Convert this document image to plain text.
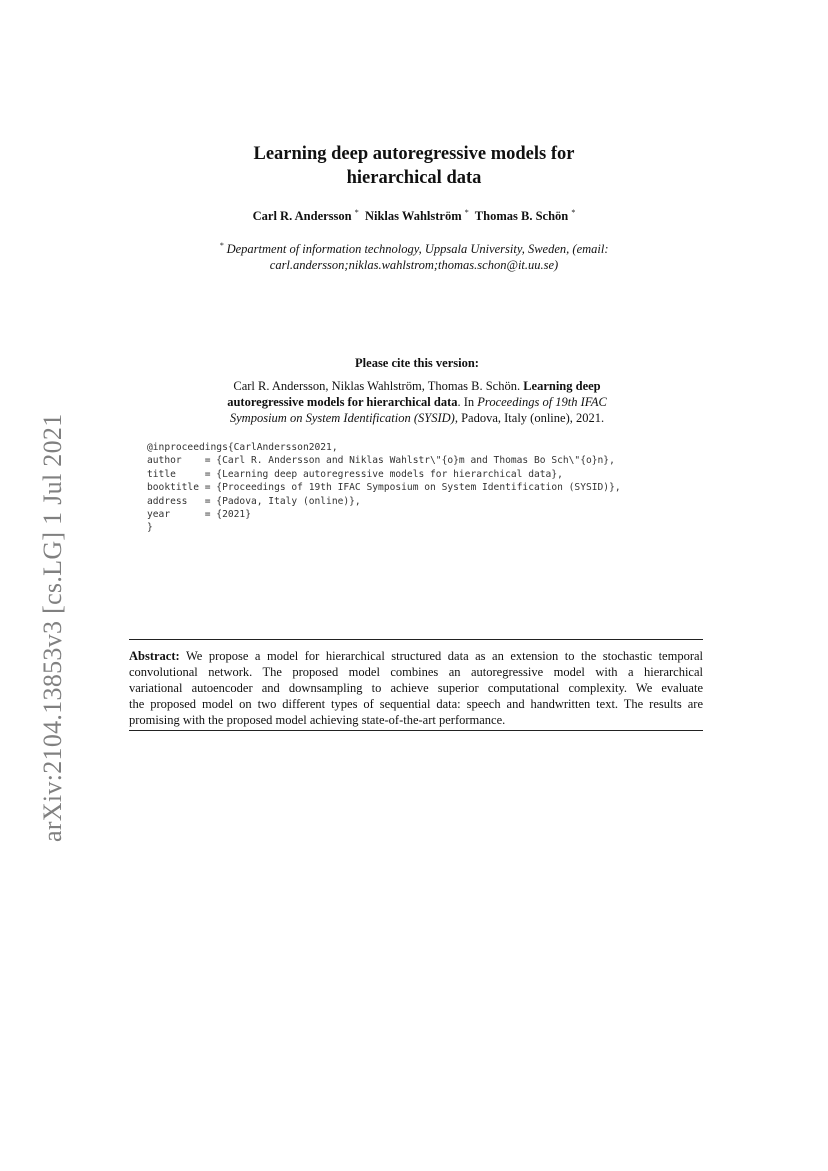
arXiv:2104.13853v3 [cs.LG] 1 Jul 2021
Learning deep autoregressive models for
hierarchical data
Carl R. Andersson * Niklas Wahlström * Thomas B. Schön *
* Department of information technology, Uppsala University, Sweden, (email:
carl.andersson;niklas.wahlstrom;thomas.schon@it.uu.se)
Please cite this version:
Carl R. Andersson, Niklas Wahlström, Thomas B. Schön. Learning deep
autoregressive models for hierarchical data. In Proceedings of 19th IFAC
Symposium on System Identification (SYSID), Padova, Italy (online), 2021.
@inproceedings{CarlAndersson2021,
author    = {Carl R. Andersson and Niklas Wahlstr\"{o}m and Thomas Bo Sch\"{o}n},
title     = {Learning deep autoregressive models for hierarchical data},
booktitle = {Proceedings of 19th IFAC Symposium on System Identification (SYSID)},
address   = {Padova, Italy (online)},
year      = {2021}
}
Abstract: We propose a model for hierarchical structured data as an extension to the stochastic temporal
convolutional network. The proposed model combines an autoregressive model with a hierarchical
variational autoencoder and downsampling to achieve superior computational complexity. We evaluate
the proposed model on two different types of sequential data: speech and handwritten text. The results are
promising with the proposed model achieving state-of-the-art performance.
